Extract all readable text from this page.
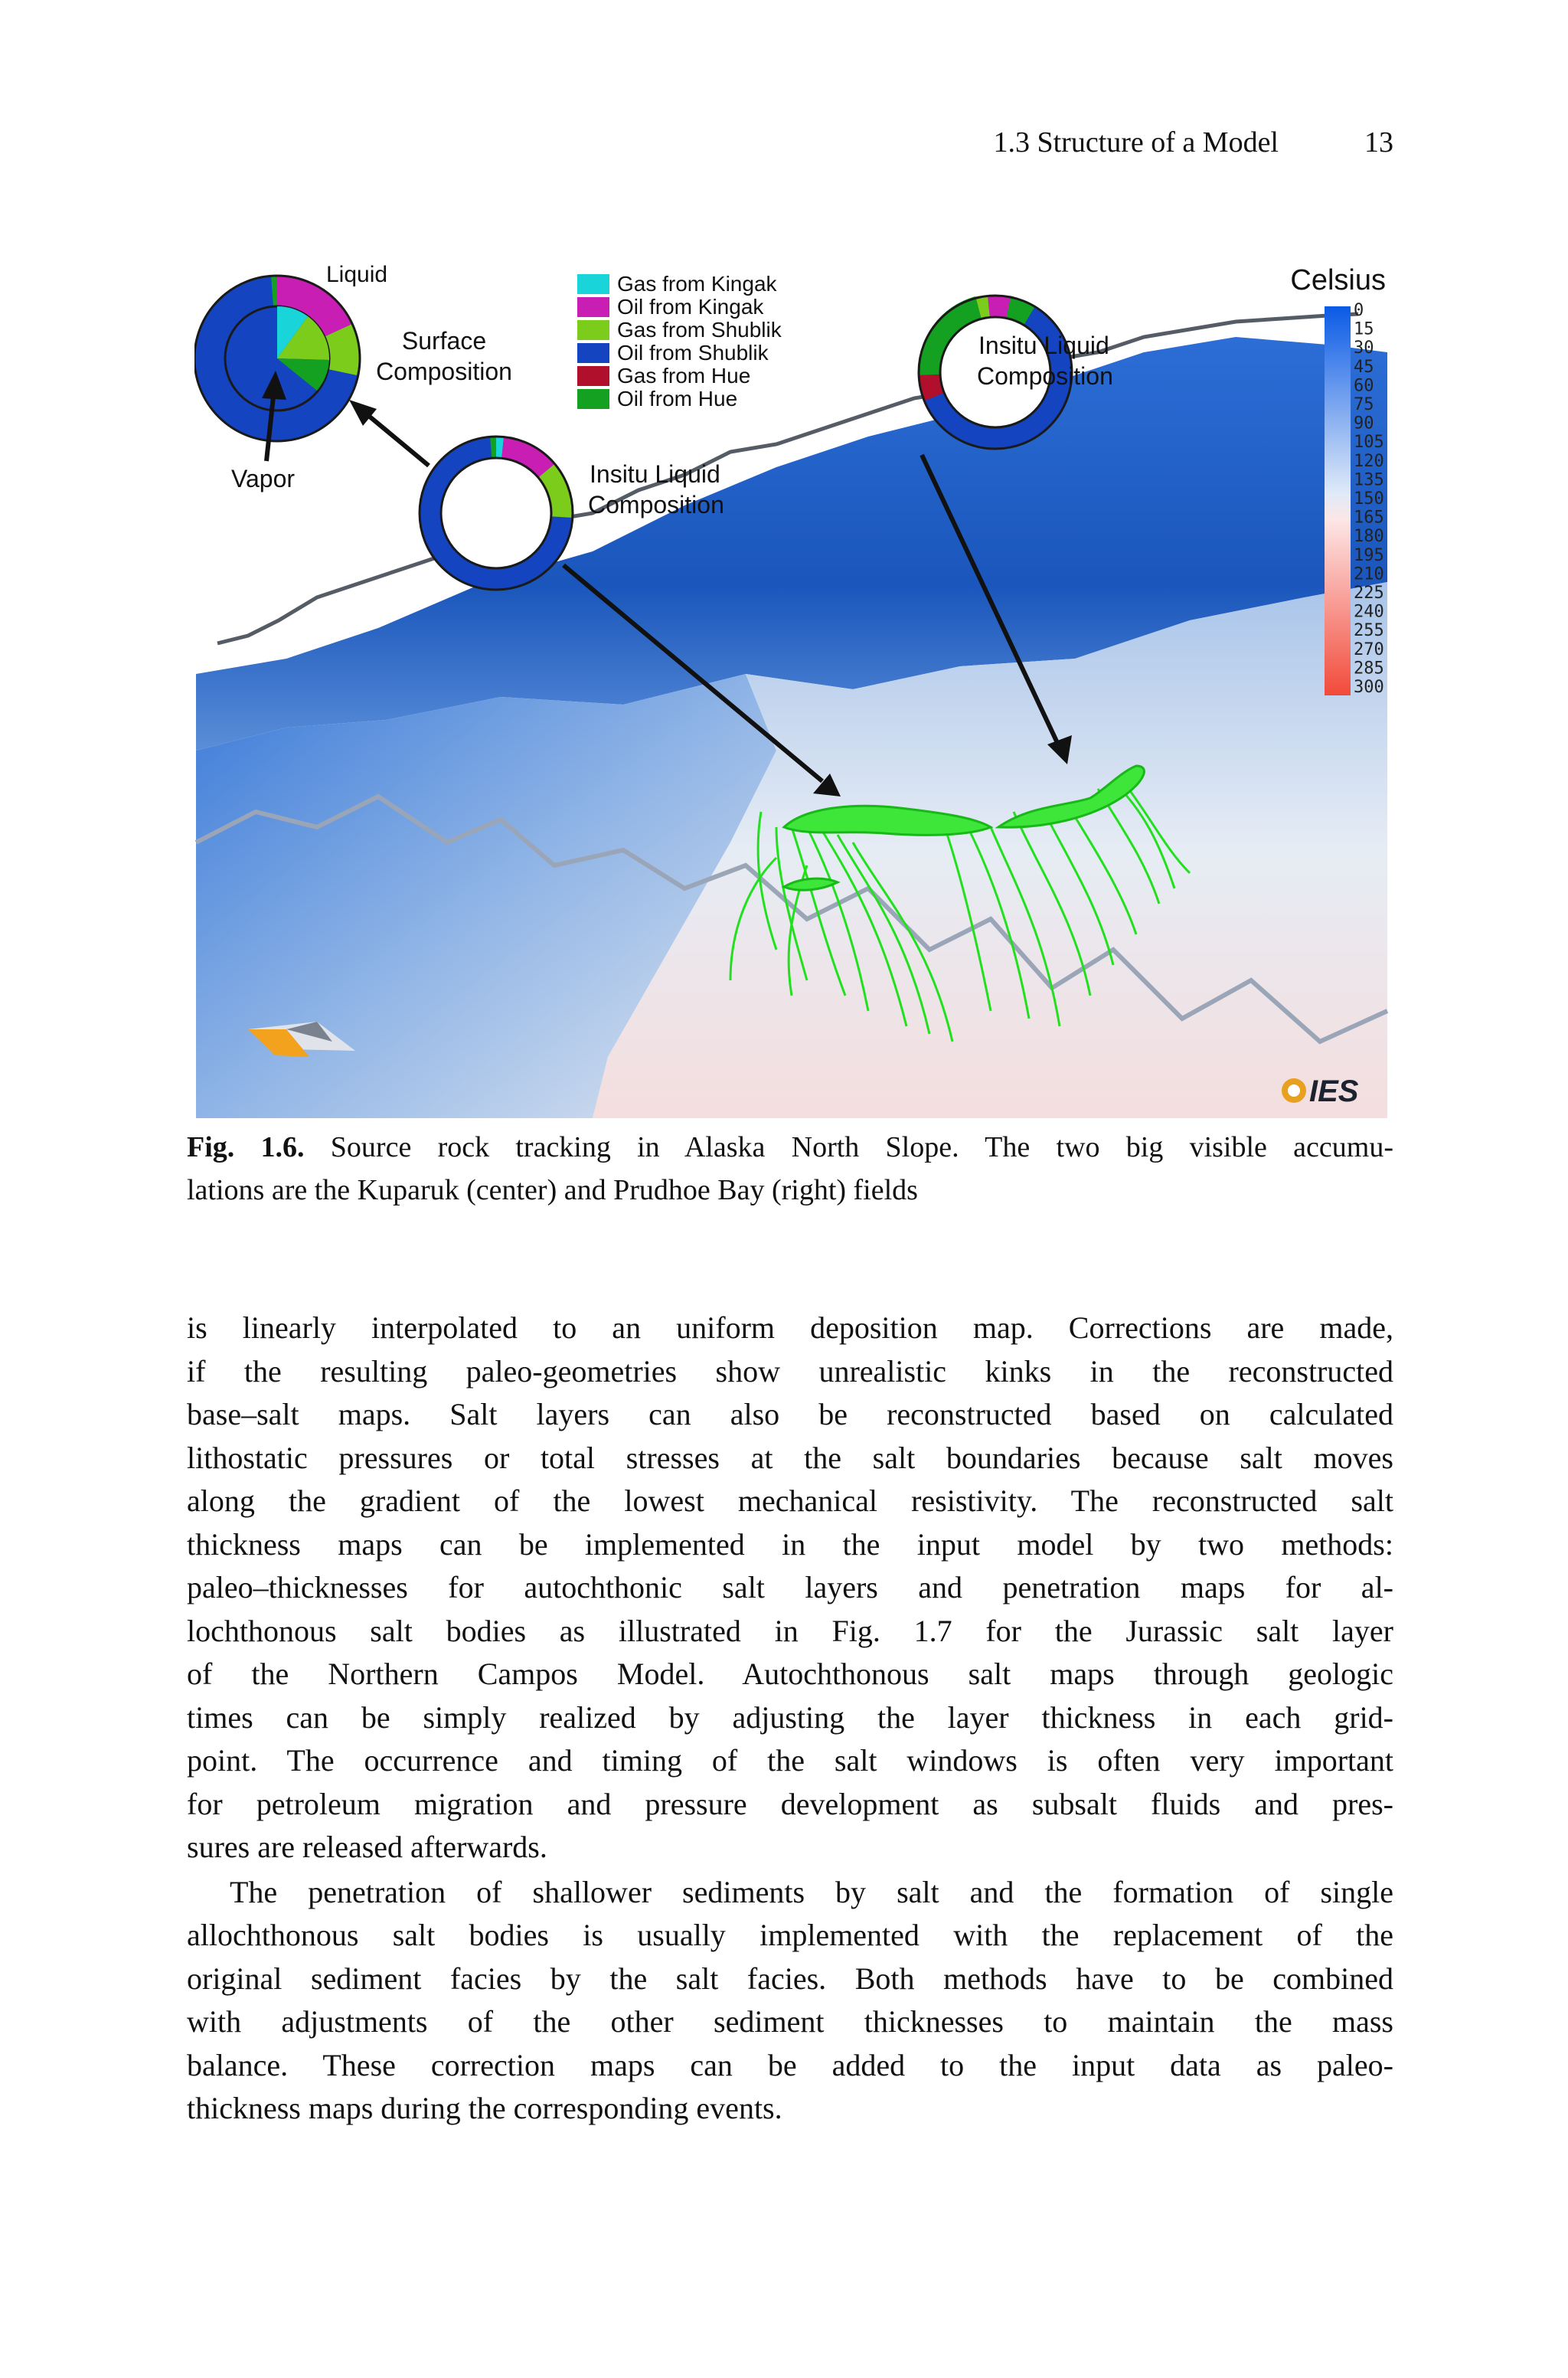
1.3 Structure of a Model	13
IES
Liquid
Surface
Composition
Vapor
Gas from Kingak
Oil from Kingak
Gas from Shublik
Oil from Shublik
Gas from Hue
Oil from Hue
Insitu Liquid
Composition
Insitu Liquid
Composition
Celsius
0
15
30
45
60
75
90
105
120
135
150
165
180
195
210
225
240
255
270
285
300
Fig. 1.6. Source rock tracking in Alaska North Slope. The two big visible accumu-
lations are the Kuparuk (center) and Prudhoe Bay (right) fields
is linearly interpolated to an uniform deposition map. Corrections are made,
if the resulting paleo-geometries show unrealistic kinks in the reconstructed
base–salt maps. Salt layers can also be reconstructed based on calculated
lithostatic pressures or total stresses at the salt boundaries because salt moves
along the gradient of the lowest mechanical resistivity. The reconstructed salt
thickness maps can be implemented in the input model by two methods:
paleo–thicknesses for autochthonic salt layers and penetration maps for al-
lochthonous salt bodies as illustrated in Fig. 1.7 for the Jurassic salt layer
of the Northern Campos Model. Autochthonous salt maps through geologic
times can be simply realized by adjusting the layer thickness in each grid-
point. The occurrence and timing of the salt windows is often very important
for petroleum migration and pressure development as subsalt fluids and pres-
sures are released afterwards.
The penetration of shallower sediments by salt and the formation of single
allochthonous salt bodies is usually implemented with the replacement of the
original sediment facies by the salt facies. Both methods have to be combined
with adjustments of the other sediment thicknesses to maintain the mass
balance. These correction maps can be added to the input data as paleo-
thickness maps during the corresponding events.
